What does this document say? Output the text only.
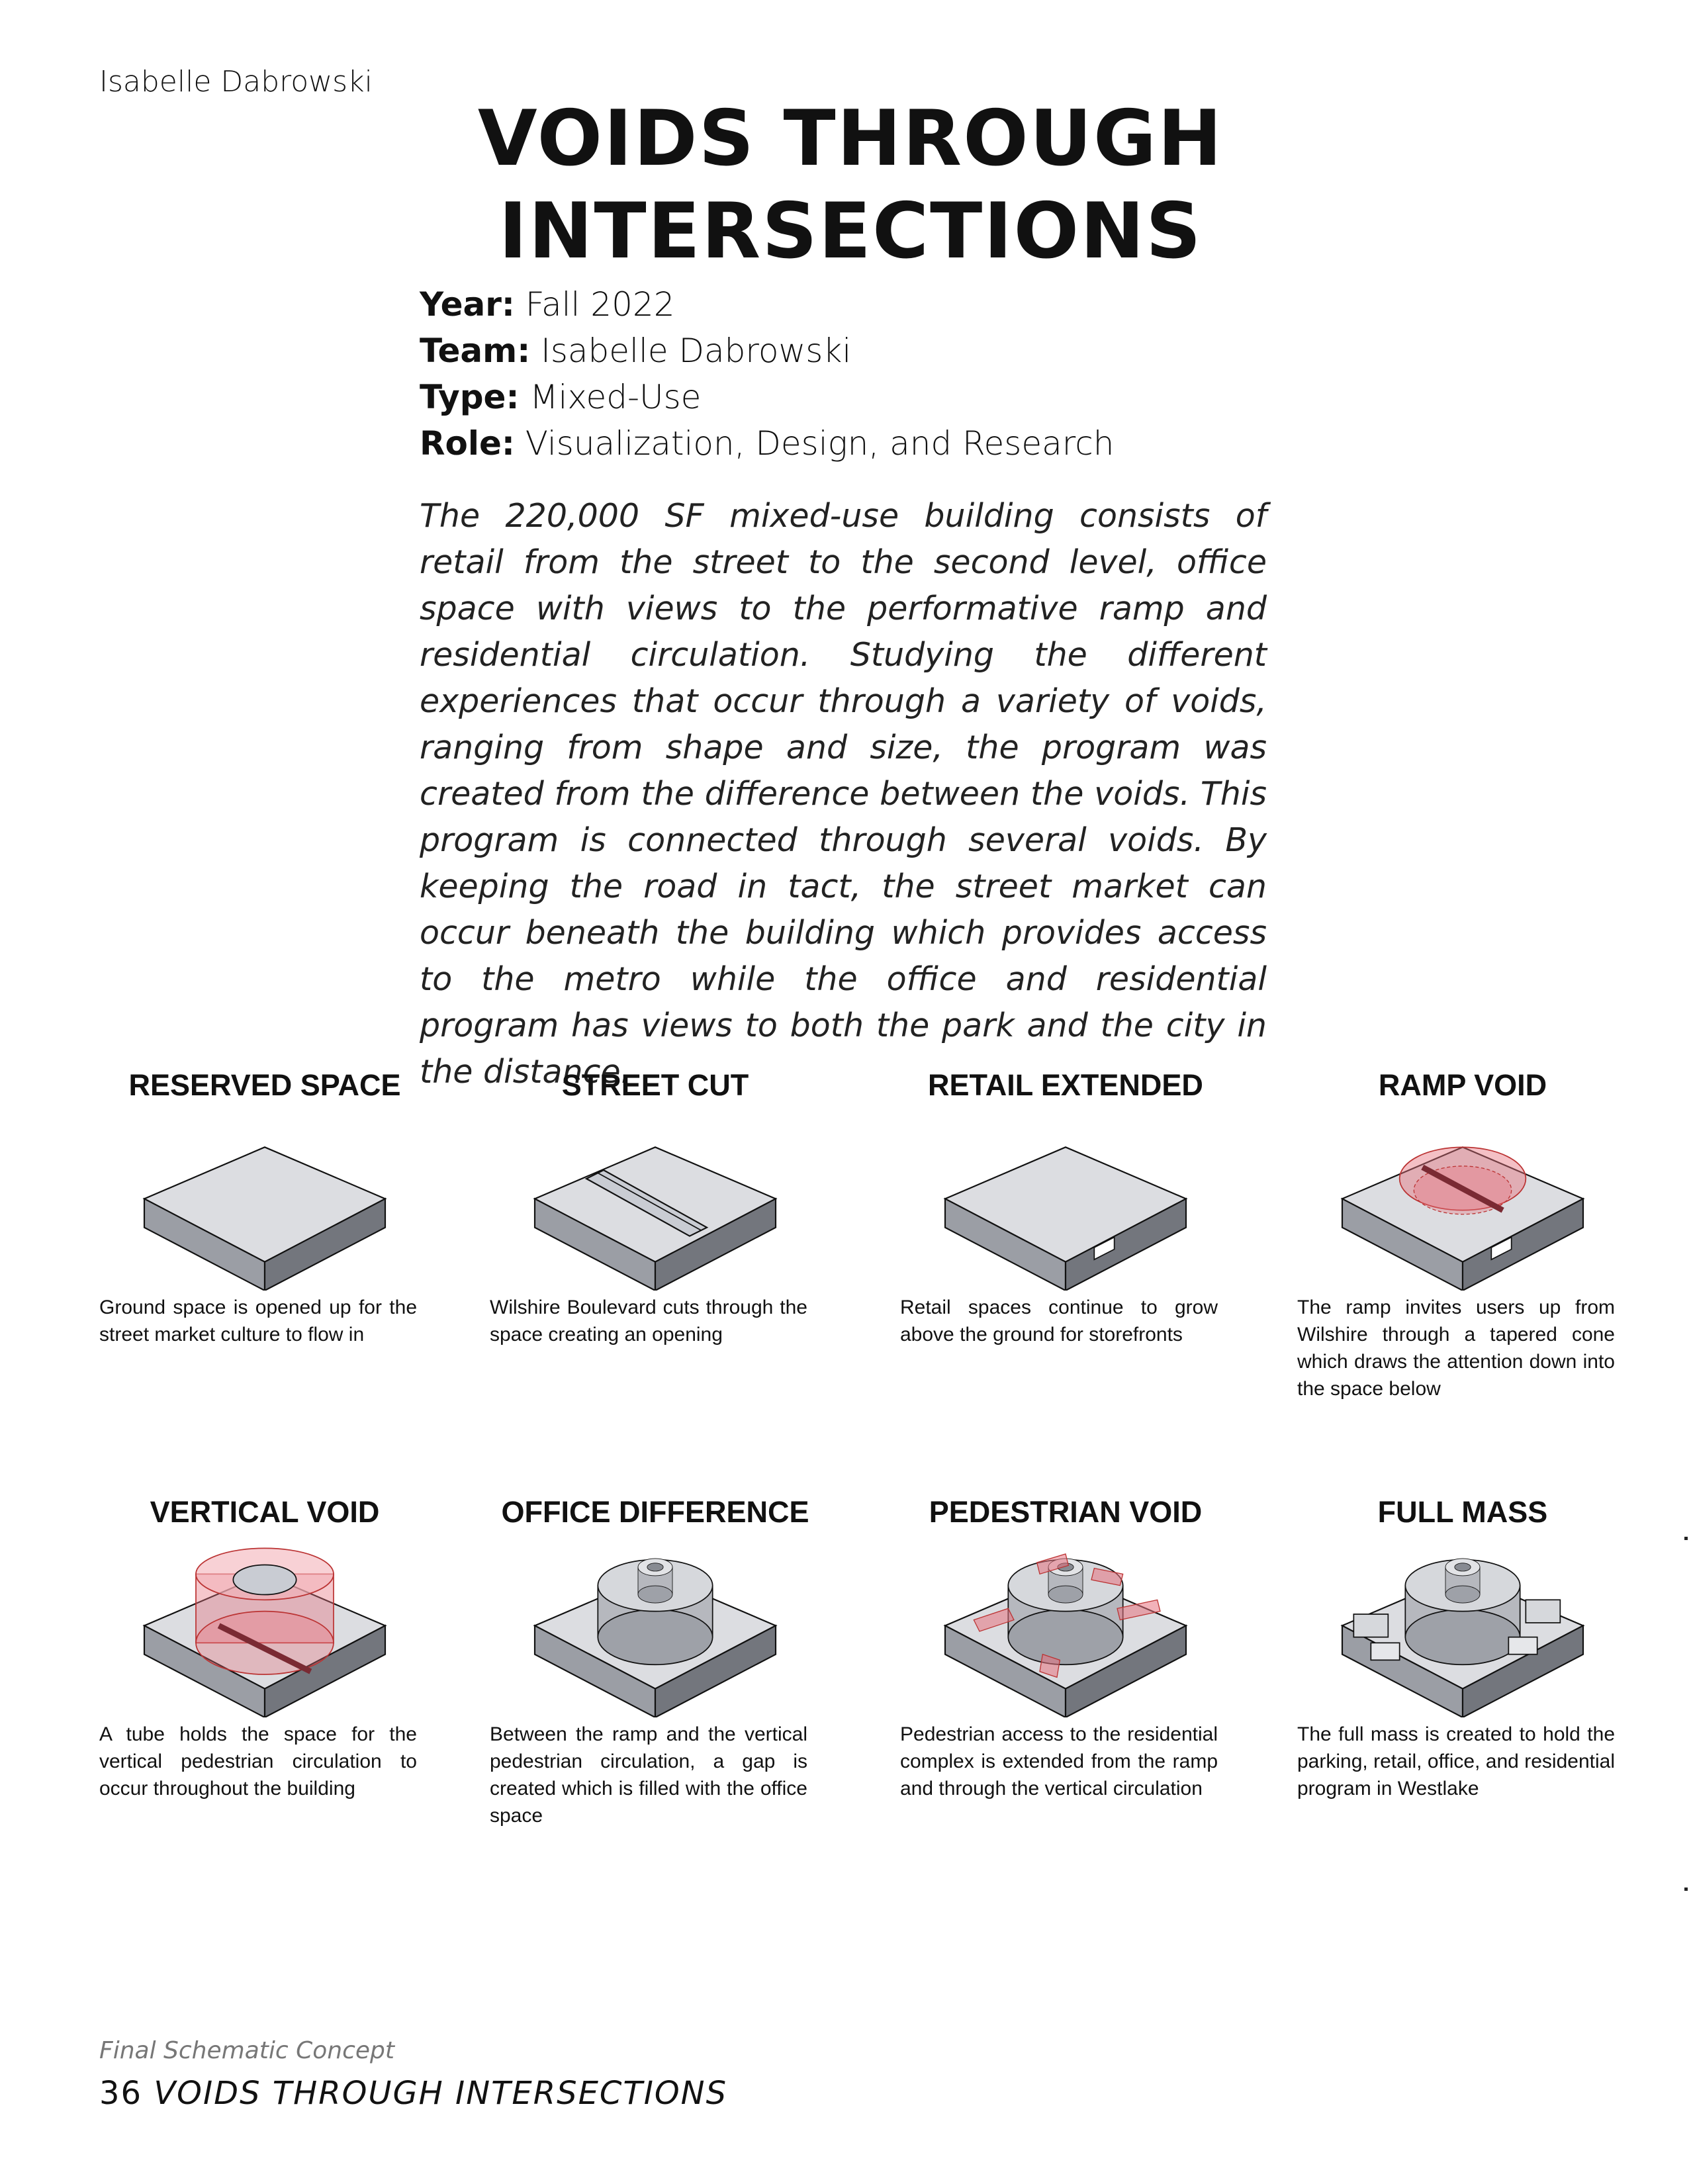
Isabelle Dabrowski
VOIDS THROUGH INTERSECTIONS
Year: Fall 2022
Team: Isabelle Dabrowski
Type: Mixed-Use
Role: Visualization, Design, and Research
The 220,000 SF mixed-use building consists of retail from the street to the second level, office space with views to the performative ramp and residential circulation. Studying the different experiences that occur through a variety of voids, ranging from shape and size, the program was created from the difference between the voids. This program is connected through several voids. By keeping the road in tact, the street market can occur beneath the building which provides access to the metro while the office and residential program has views to both the park and the city in the distance.
RESERVED SPACE

Ground space is opened up for the street market culture to flow in

STREET CUT

Wilshire Boulevard cuts through the space creating an opening

RETAIL EXTENDED

Retail spaces continue to grow above the ground for storefronts

RAMP VOID

The ramp invites users up from Wilshire through a tapered cone which draws the attention down into the space below

VERTICAL VOID

A tube holds the space for the vertical pedestrian circulation to occur throughout the building

OFFICE DIFFERENCE

Between the ramp and the vertical pedestrian circulation, a gap is created which is filled with the office space

PEDESTRIAN VOID

Pedestrian access to the residential complex is extended from the ramp and through the vertical circulation

FULL MASS

The full mass is created to hold the parking, retail, office, and residential program in Westlake

Final Schematic Concept
36 VOIDS THROUGH INTERSECTIONS
